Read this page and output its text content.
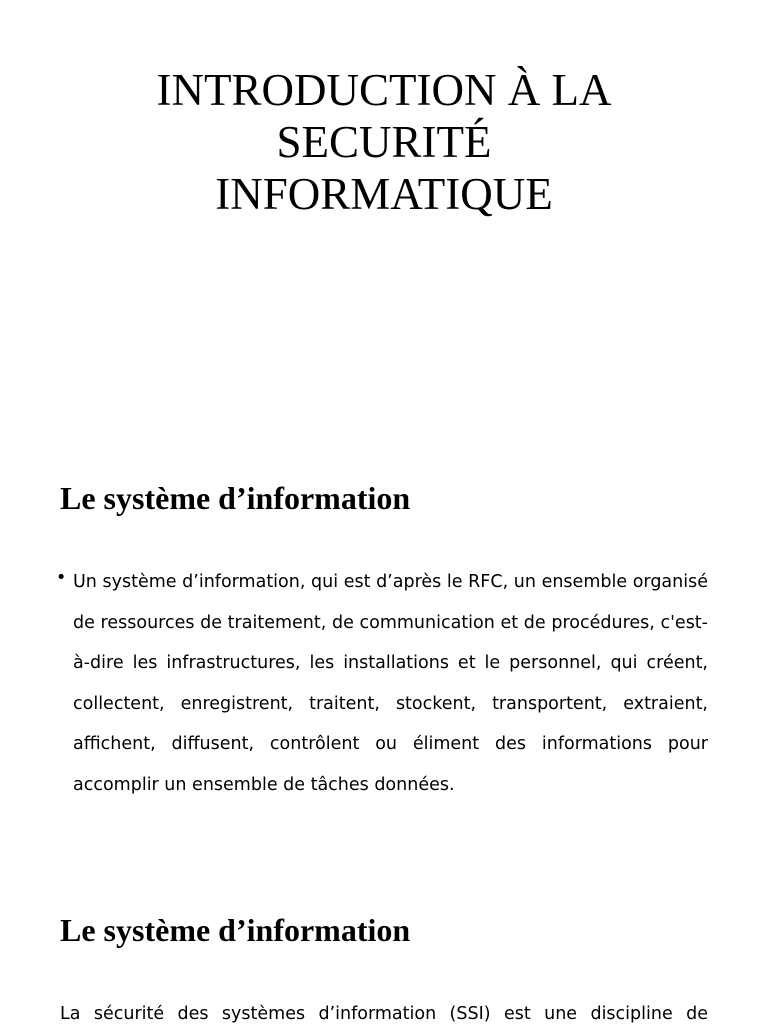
INTRODUCTION À LA
SECURITÉ
INFORMATIQUE
Le système d’information
• Un système d’information, qui est d’après le RFC, un ensemble organisé de ressources de traitement, de communication et de procédures, c'est-à-dire les infrastructures, les installations et le personnel, qui créent, collectent, enregistrent, traitent, stockent, transportent, extraient, affichent, diffusent, contrôlent ou éliment des informations pour accomplir un ensemble de tâches données.
Le système d’information

La sécurité des systèmes d’information (SSI) est une discipline de
